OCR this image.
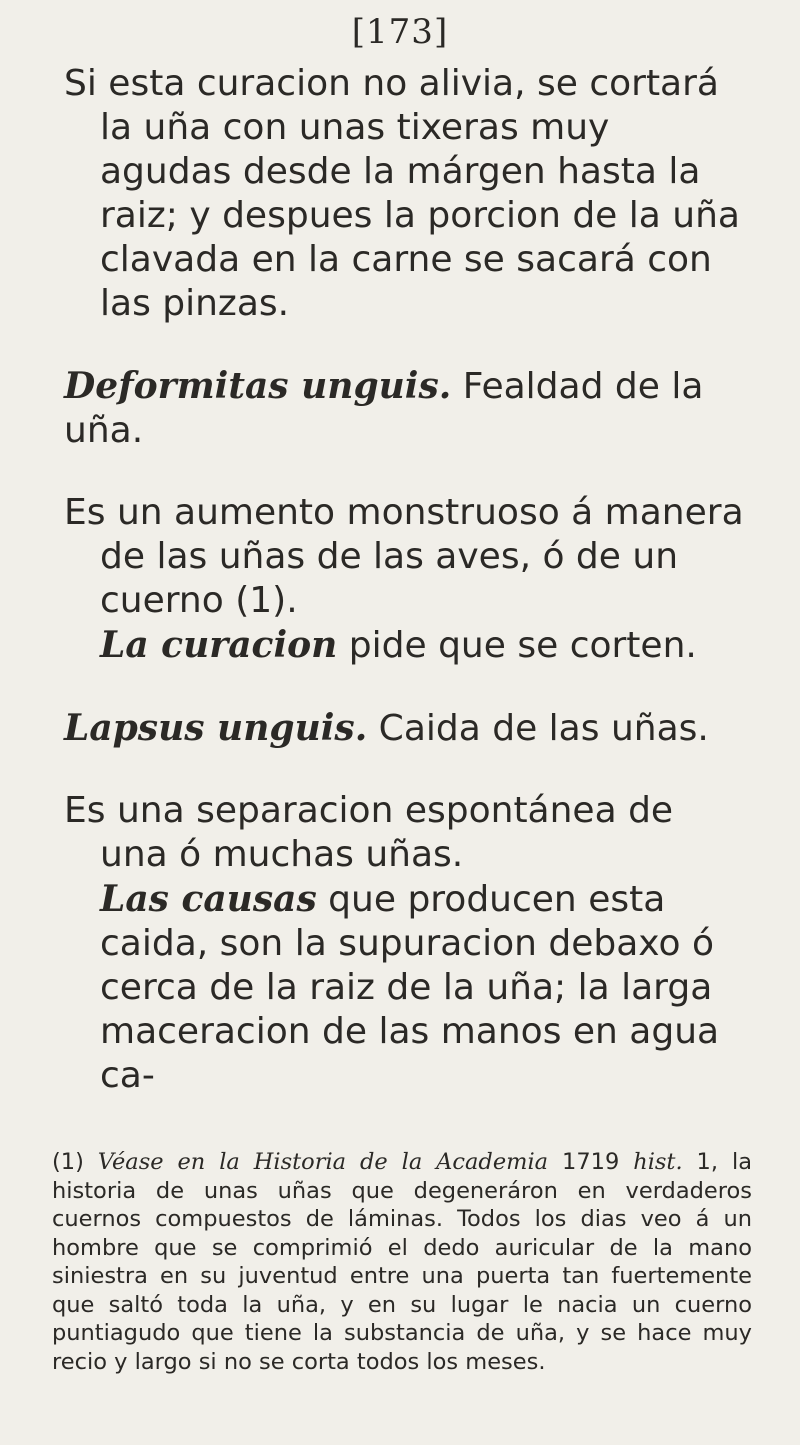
[173]

Si esta curacion no alivia, se cortará la uña con unas tixeras muy agudas desde la márgen hasta la raiz; y despues la porcion de la uña clavada en la carne se sacará con las pinzas.

Deformitas unguis. Fealdad de la uña.

Es un aumento monstruoso á manera de las uñas de las aves, ó de un cuerno (1).

La curacion pide que se corten.

Lapsus unguis. Caida de las uñas.

Es una separacion espontánea de una ó muchas uñas.

Las causas que producen esta caida, son la supuracion debaxo ó cerca de la raiz de la uña; la larga maceracion de las manos en agua ca-

(1) Véase en la Historia de la Academia 1719 hist. 1, la historia de unas uñas que degeneráron en verdaderos cuernos compuestos de láminas. Todos los dias veo á un hombre que se comprimió el dedo auricular de la mano siniestra en su juventud entre una puerta tan fuertemente que saltó toda la uña, y en su lugar le nacia un cuerno puntiagudo que tiene la substancia de uña, y se hace muy recio y largo si no se corta todos los meses.
